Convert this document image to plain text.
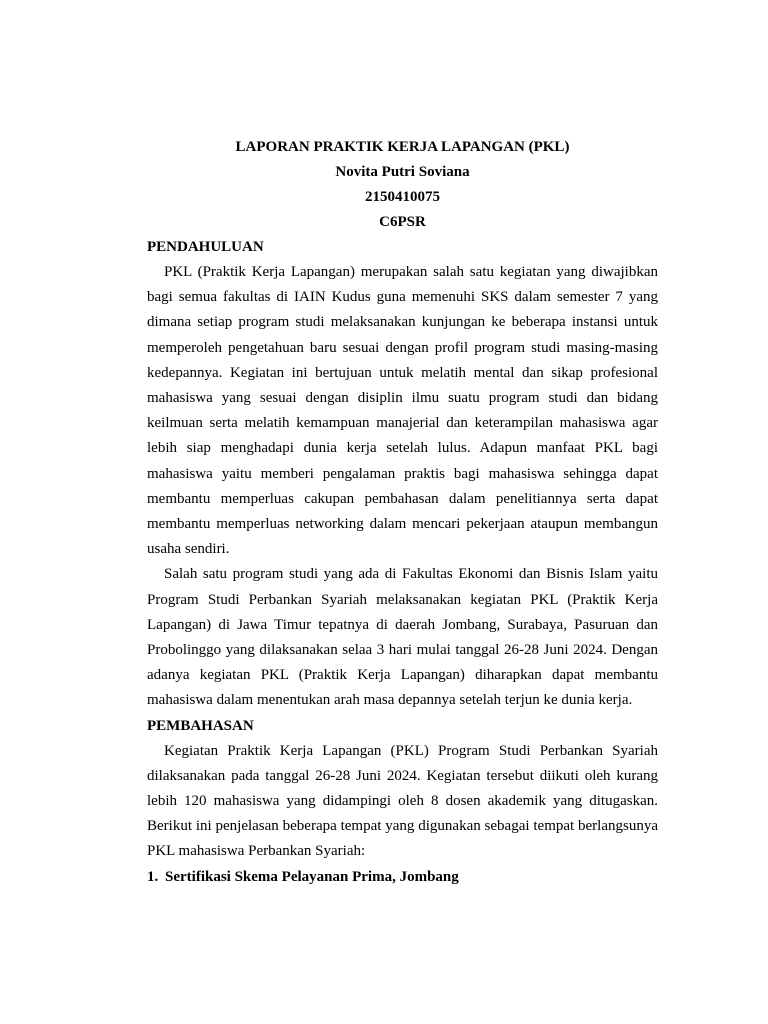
LAPORAN PRAKTIK KERJA LAPANGAN (PKL)
Novita Putri Soviana
2150410075
C6PSR
PENDAHULUAN

PKL (Praktik Kerja Lapangan) merupakan salah satu kegiatan yang diwajibkan bagi semua fakultas di IAIN Kudus guna memenuhi SKS dalam semester 7 yang dimana setiap program studi melaksanakan kunjungan ke beberapa instansi untuk memperoleh pengetahuan baru sesuai dengan profil program studi masing-masing kedepannya. Kegiatan ini bertujuan untuk melatih mental dan sikap profesional mahasiswa yang sesuai dengan disiplin ilmu suatu program studi dan bidang keilmuan serta melatih kemampuan manajerial dan keterampilan mahasiswa agar lebih siap menghadapi dunia kerja setelah lulus. Adapun manfaat PKL bagi mahasiswa yaitu memberi pengalaman praktis bagi mahasiswa sehingga dapat membantu memperluas cakupan pembahasan dalam penelitiannya serta dapat membantu memperluas networking dalam mencari pekerjaan ataupun membangun usaha sendiri.

Salah satu program studi yang ada di Fakultas Ekonomi dan Bisnis Islam yaitu Program Studi Perbankan Syariah melaksanakan kegiatan PKL (Praktik Kerja Lapangan) di Jawa Timur tepatnya di daerah Jombang, Surabaya, Pasuruan dan Probolinggo yang dilaksanakan selaa 3 hari mulai tanggal 26-28 Juni 2024. Dengan adanya kegiatan PKL (Praktik Kerja Lapangan) diharapkan dapat membantu mahasiswa dalam menentukan arah masa depannya setelah terjun ke dunia kerja.

PEMBAHASAN

Kegiatan Praktik Kerja Lapangan (PKL) Program Studi Perbankan Syariah dilaksanakan pada tanggal 26-28 Juni 2024. Kegiatan tersebut diikuti oleh kurang lebih 120 mahasiswa yang didampingi oleh 8 dosen akademik yang ditugaskan. Berikut ini penjelasan beberapa tempat yang digunakan sebagai tempat berlangsunya PKL mahasiswa Perbankan Syariah:

1. Sertifikasi Skema Pelayanan Prima, Jombang
